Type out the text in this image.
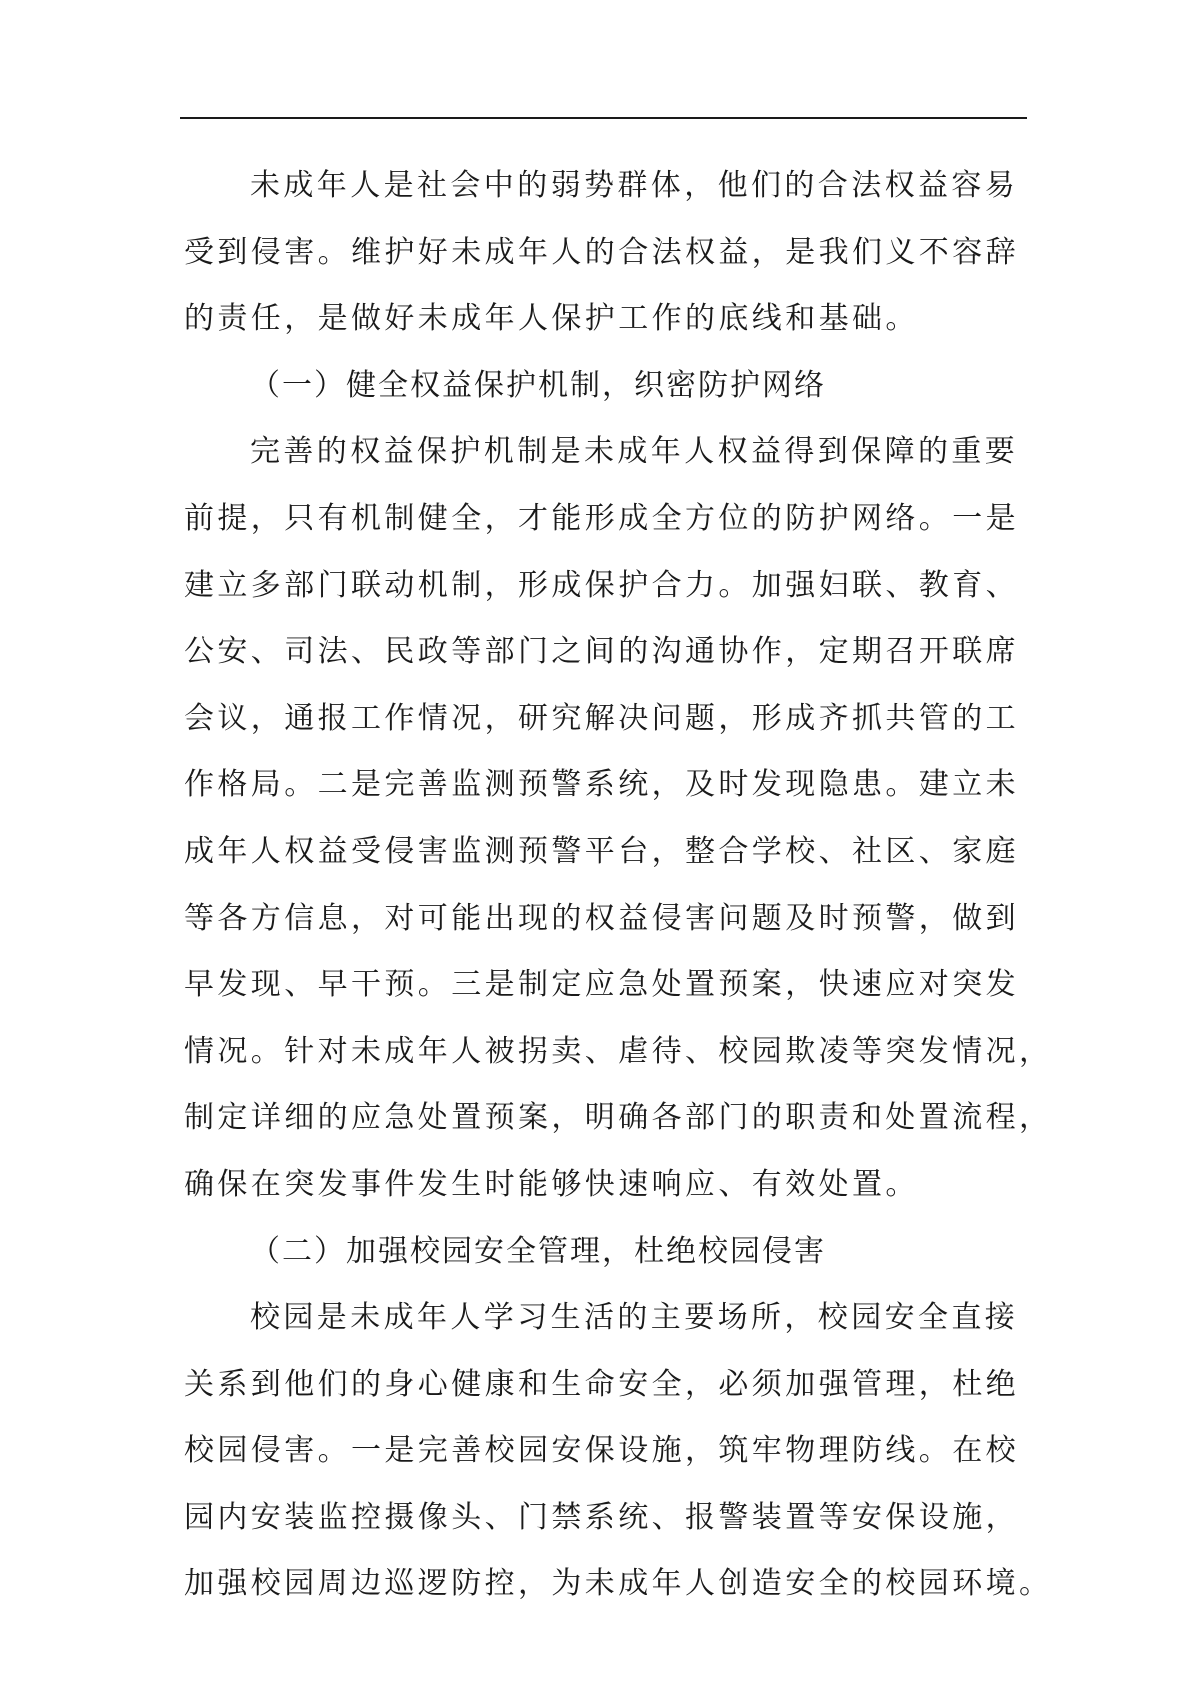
未成年人是社会中的弱势群体，他们的合法权益容易
受到侵害。维护好未成年人的合法权益，是我们义不容辞
的责任，是做好未成年人保护工作的底线和基础。
（一）健全权益保护机制，织密防护网络
完善的权益保护机制是未成年人权益得到保障的重要
前提，只有机制健全，才能形成全方位的防护网络。一是
建立多部门联动机制，形成保护合力。加强妇联、教育、
公安、司法、民政等部门之间的沟通协作，定期召开联席
会议，通报工作情况，研究解决问题，形成齐抓共管的工
作格局。二是完善监测预警系统，及时发现隐患。建立未
成年人权益受侵害监测预警平台，整合学校、社区、家庭
等各方信息，对可能出现的权益侵害问题及时预警，做到
早发现、早干预。三是制定应急处置预案，快速应对突发
情况。针对未成年人被拐卖、虐待、校园欺凌等突发情况，
制定详细的应急处置预案，明确各部门的职责和处置流程，
确保在突发事件发生时能够快速响应、有效处置。
（二）加强校园安全管理，杜绝校园侵害
校园是未成年人学习生活的主要场所，校园安全直接
关系到他们的身心健康和生命安全，必须加强管理，杜绝
校园侵害。一是完善校园安保设施，筑牢物理防线。在校
园内安装监控摄像头、门禁系统、报警装置等安保设施，
加强校园周边巡逻防控，为未成年人创造安全的校园环境。
